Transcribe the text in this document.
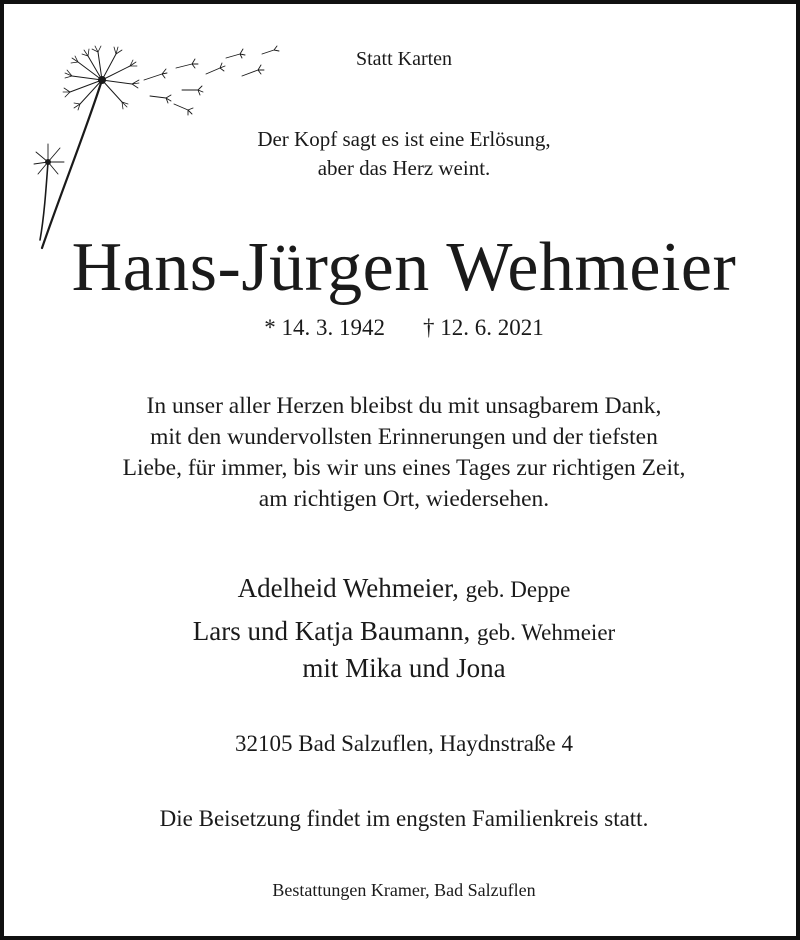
Statt Karten
Der Kopf sagt es ist eine Erlösung,
aber das Herz weint.
Hans-Jürgen Wehmeier
* 14. 3. 1942 † 12. 6. 2021
In unser aller Herzen bleibst du mit unsagbarem Dank,
mit den wundervollsten Erinnerungen und der tiefsten
Liebe, für immer, bis wir uns eines Tages zur richtigen Zeit,
am richtigen Ort, wiedersehen.
Adelheid Wehmeier, geb. Deppe
Lars und Katja Baumann, geb. Wehmeier
mit Mika und Jona
32105 Bad Salzuflen, Haydnstraße 4
Die Beisetzung findet im engsten Familienkreis statt.
Bestattungen Kramer, Bad Salzuflen
